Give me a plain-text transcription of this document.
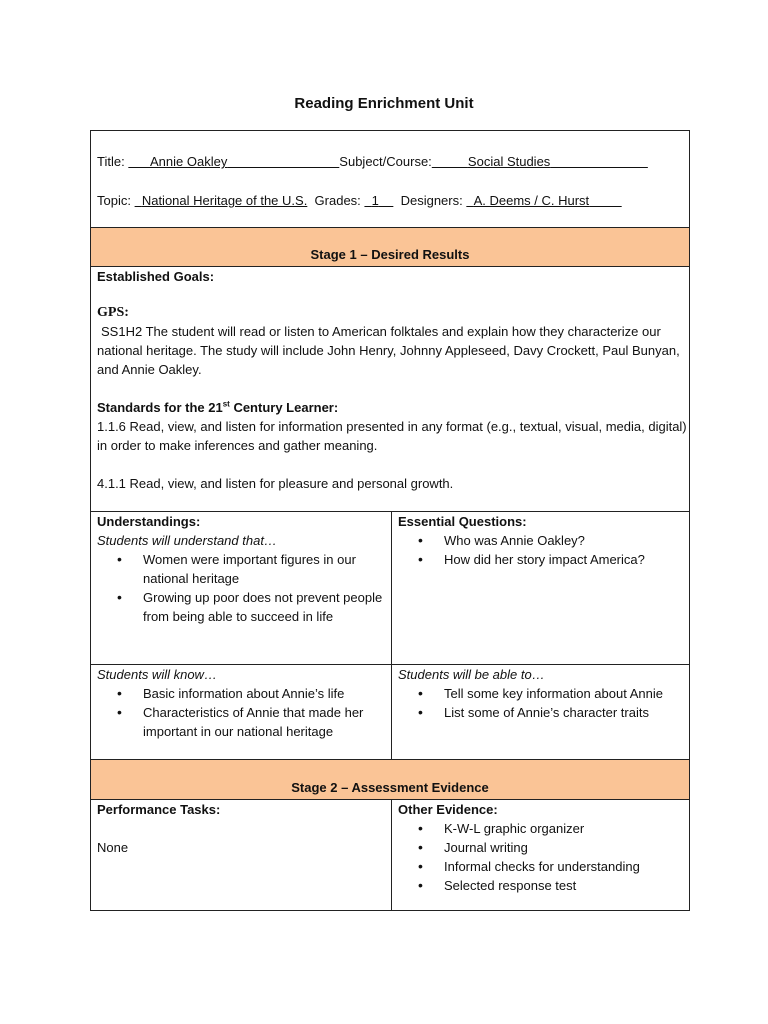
Reading Enrichment Unit
Title: Annie Oakley	Subject/Course:	Social Studies
Topic: National Heritage of the U.S. Grades: 1 Designers: A. Deems / C. Hurst
Stage 1 – Desired Results
Established Goals:
GPS:
SS1H2 The student will read or listen to American folktales and explain how they characterize our national heritage. The study will include John Henry, Johnny Appleseed, Davy Crockett, Paul Bunyan, and Annie Oakley.
Standards for the 21st Century Learner:
1.1.6 Read, view, and listen for information presented in any format (e.g., textual, visual, media, digital) in order to make inferences and gather meaning.
4.1.1 Read, view, and listen for pleasure and personal growth.
Understandings:
Students will understand that…
• Women were important figures in our national heritage
• Growing up poor does not prevent people from being able to succeed in life
Essential Questions:
• Who was Annie Oakley?
• How did her story impact America?
Students will know…
• Basic information about Annie’s life
• Characteristics of Annie that made her important in our national heritage
Students will be able to…
• Tell some key information about Annie
• List some of Annie’s character traits
Stage 2 – Assessment Evidence
Performance Tasks:
None
Other Evidence:
• K-W-L graphic organizer
• Journal writing
• Informal checks for understanding
• Selected response test
